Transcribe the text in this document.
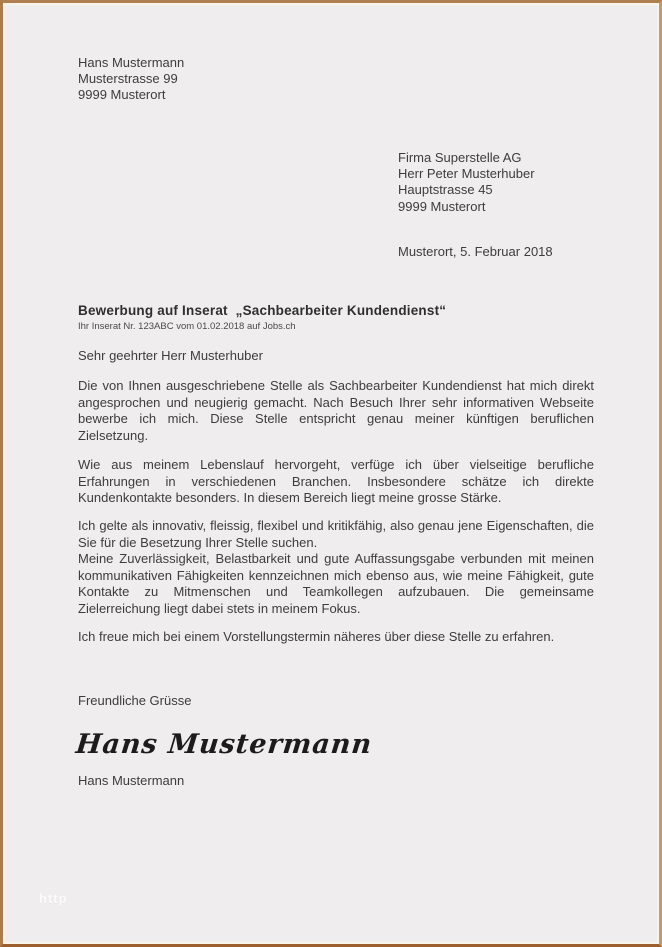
Hans Mustermann
Musterstrasse 99
9999 Musterort
Firma Superstelle AG
Herr Peter Musterhuber
Hauptstrasse 45
9999 Musterort
Musterort, 5. Februar 2018
Bewerbung auf Inserat  „Sachbearbeiter Kundendienst“
Ihr Inserat Nr. 123ABC vom 01.02.2018 auf Jobs.ch
Sehr geehrter Herr Musterhuber

Die von Ihnen ausgeschriebene Stelle als Sachbearbeiter Kundendienst hat mich direkt angesprochen und neugierig gemacht. Nach Besuch Ihrer sehr informativen Webseite bewerbe ich mich. Diese Stelle entspricht genau meiner künftigen beruflichen Zielsetzung.

Wie aus meinem Lebenslauf hervorgeht, verfüge ich über vielseitige berufliche Erfahrungen in verschiedenen Branchen. Insbesondere schätze ich direkte Kundenkontakte besonders. In diesem Bereich liegt meine grosse Stärke.

Ich gelte als innovativ, fleissig, flexibel und kritikfähig, also genau jene Eigenschaften, die Sie für die Besetzung Ihrer Stelle suchen.

Meine Zuverlässigkeit, Belastbarkeit und gute Auffassungsgabe verbunden mit meinen kommunikativen Fähigkeiten kennzeichnen mich ebenso aus, wie meine Fähigkeit, gute Kontakte zu Mitmenschen und Teamkollegen aufzubauen. Die gemeinsame Zielerreichung liegt dabei stets in meinem Fokus.

Ich freue mich bei einem Vorstellungstermin näheres über diese Stelle zu erfahren.

Freundliche Grüsse
Hans Mustermann
Hans Mustermann
http
